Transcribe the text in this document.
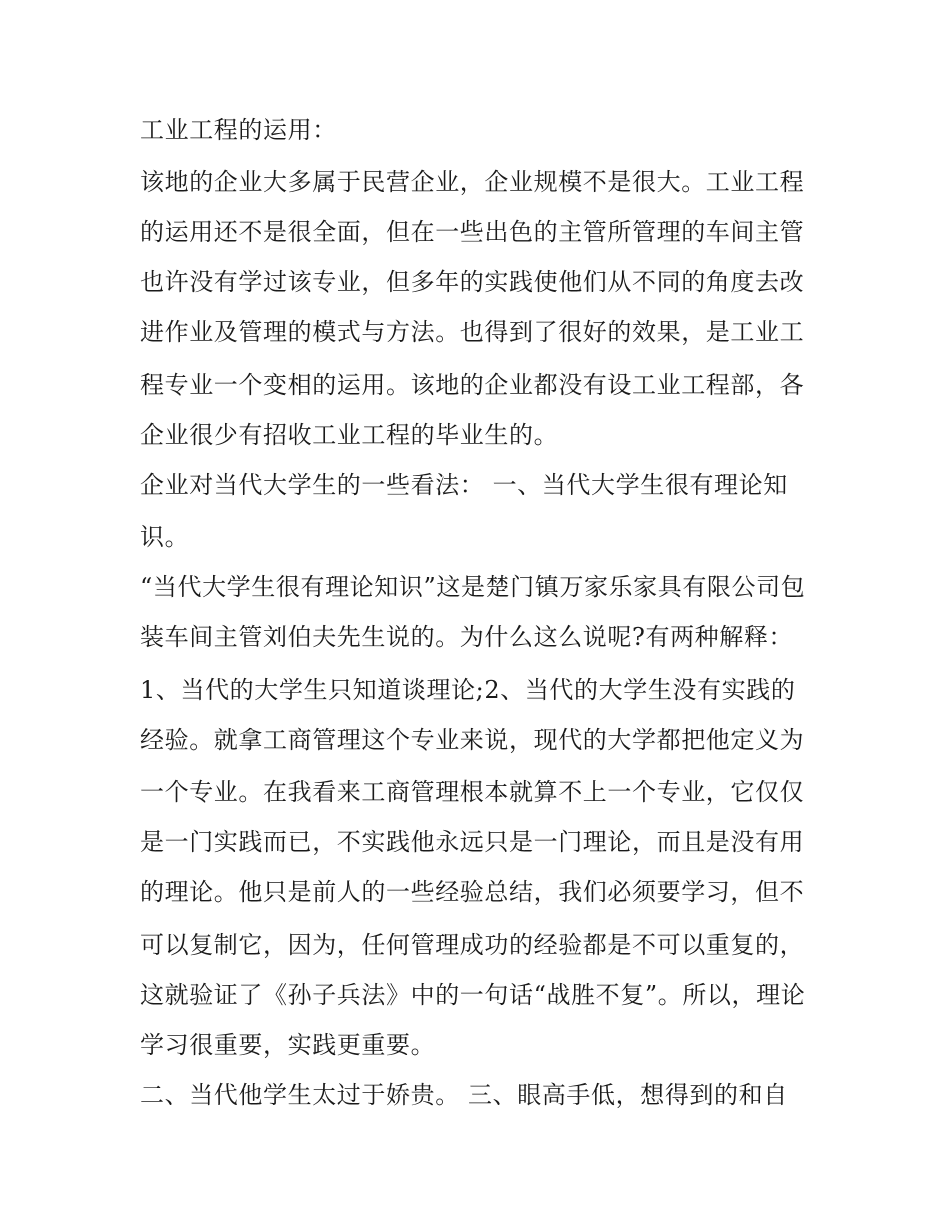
工业工程的运用：
该地的企业大多属于民营企业，企业规模不是很大。工业工程
的运用还不是很全面，但在一些出色的主管所管理的车间主管
也许没有学过该专业，但多年的实践使他们从不同的角度去改
进作业及管理的模式与方法。也得到了很好的效果，是工业工
程专业一个变相的运用。该地的企业都没有设工业工程部，各
企业很少有招收工业工程的毕业生的。
企业对当代大学生的一些看法： 一、当代大学生很有理论知
识。
“当代大学生很有理论知识”这是楚门镇万家乐家具有限公司包
装车间主管刘伯夫先生说的。为什么这么说呢?有两种解释：
1、当代的大学生只知道谈理论;2、当代的大学生没有实践的
经验。就拿工商管理这个专业来说，现代的大学都把他定义为
一个专业。在我看来工商管理根本就算不上一个专业，它仅仅
是一门实践而已，不实践他永远只是一门理论，而且是没有用
的理论。他只是前人的一些经验总结，我们必须要学习，但不
可以复制它，因为，任何管理成功的经验都是不可以重复的，
这就验证了《孙子兵法》中的一句话“战胜不复”。所以，理论
学习很重要，实践更重要。
二、当代他学生太过于娇贵。 三、眼高手低，想得到的和自
